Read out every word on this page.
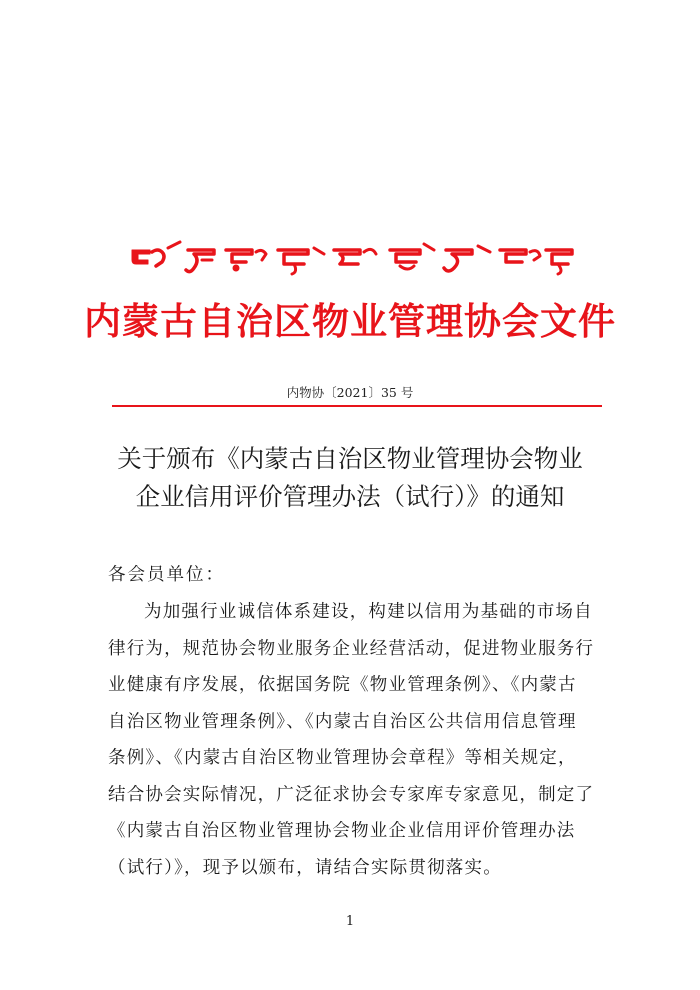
内蒙古自治区物业管理协会文件
内物协〔2021〕35 号
关于颁布《内蒙古自治区物业管理协会物业
企业信用评价管理办法（试行）》的通知
各会员单位：
为加强行业诚信体系建设，构建以信用为基础的市场自
律行为，规范协会物业服务企业经营活动，促进物业服务行
业健康有序发展，依据国务院《物业管理条例》、《内蒙古
自治区物业管理条例》、《内蒙古自治区公共信用信息管理
条例》、《内蒙古自治区物业管理协会章程》等相关规定，
结合协会实际情况，广泛征求协会专家库专家意见，制定了
《内蒙古自治区物业管理协会物业企业信用评价管理办法
（试行）》，现予以颁布，请结合实际贯彻落实。
1
